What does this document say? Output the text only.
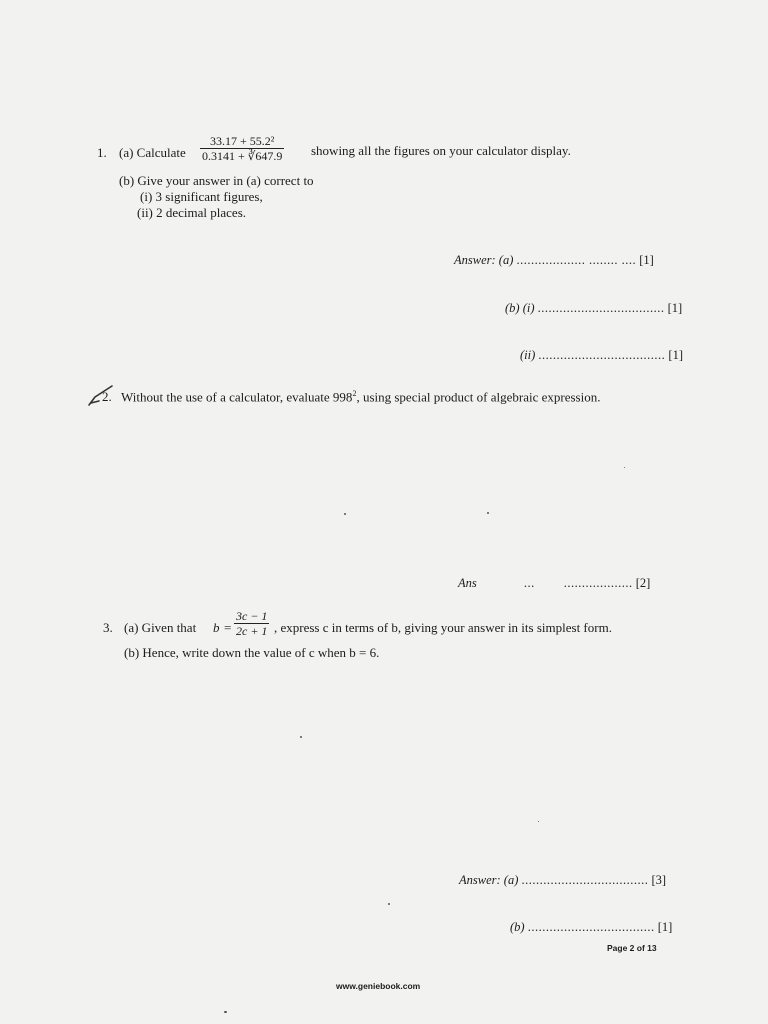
1. (a) Calculate $\frac{\text{33.17 + 55.2²}}{0.3141 + ∛647.9}$ showing all the figures on your calculator display.
(b) Give your answer in (a) correct to
(i) 3 significant figures,
(ii) 2 decimal places.
Answer: (a) ................... ........ .... [1]
(b) (i) ................................... [1]
(ii) ................................... [1]
2. Without the use of a calculator, evaluate $998^2$, using special product of algebraic expression.
Ans	...        ................... [2]
3. (a) Given that $b = \frac{3c - 1}{2c + 1}$ , express c in terms of b, giving your answer in its simplest form.
(b) Hence, write down the value of c when b = 6.
Answer: (a) ................................... [3]
(b) ................................... [1]
Page 2 of 13
www.geniebook.com
